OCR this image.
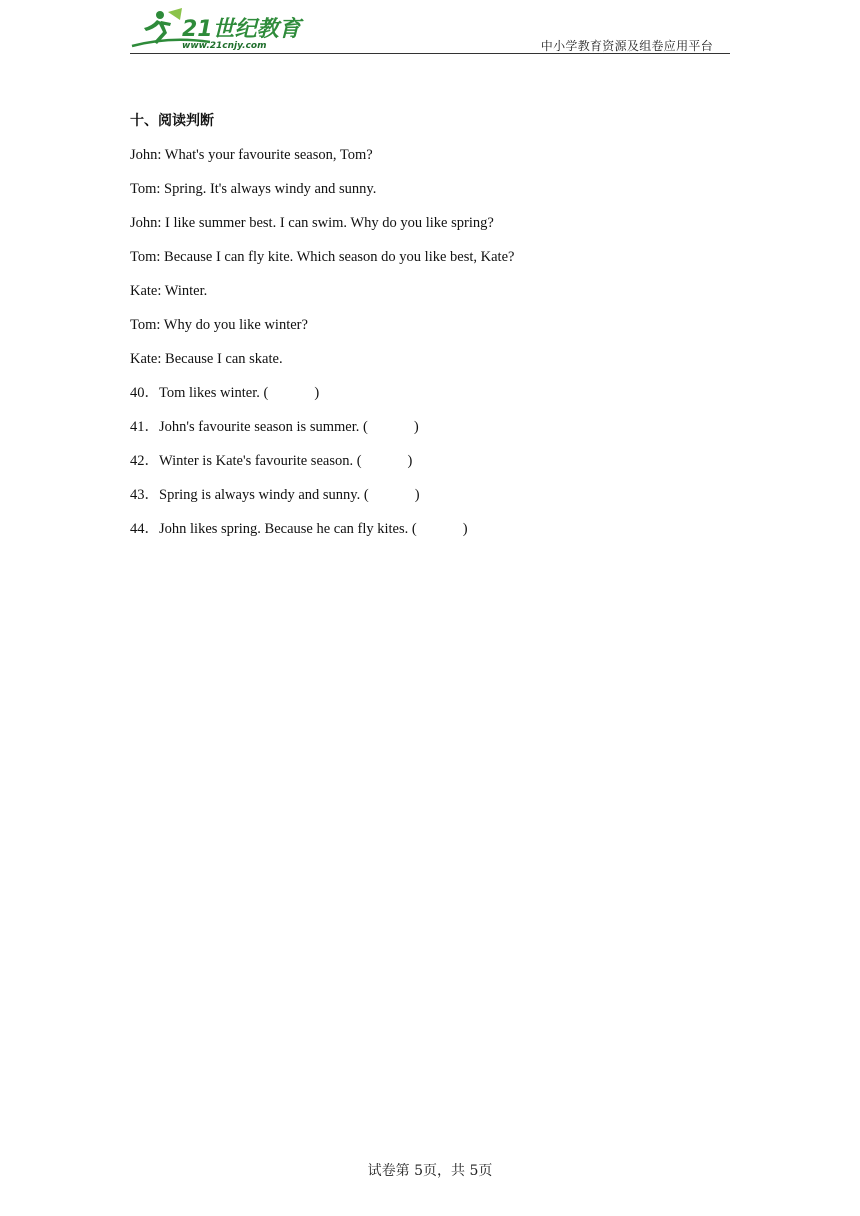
21世纪教育
www.21cnjy.com	中小学教育资源及组卷应用平台
十、阅读判断
John: What's your favourite season, Tom?
Tom: Spring. It's always windy and sunny.
John: I like summer best. I can swim. Why do you like spring?
Tom: Because I can fly kite. Which season do you like best, Kate?
Kate: Winter.
Tom: Why do you like winter?
Kate: Because I can skate.
40．Tom likes winter. (	)
41．John's favourite season is summer. (	)
42．Winter is Kate's favourite season. (	)
43．Spring is always windy and sunny. (	)
44．John likes spring. Because he can fly kites. (	)
试卷第 5页，共 5页
